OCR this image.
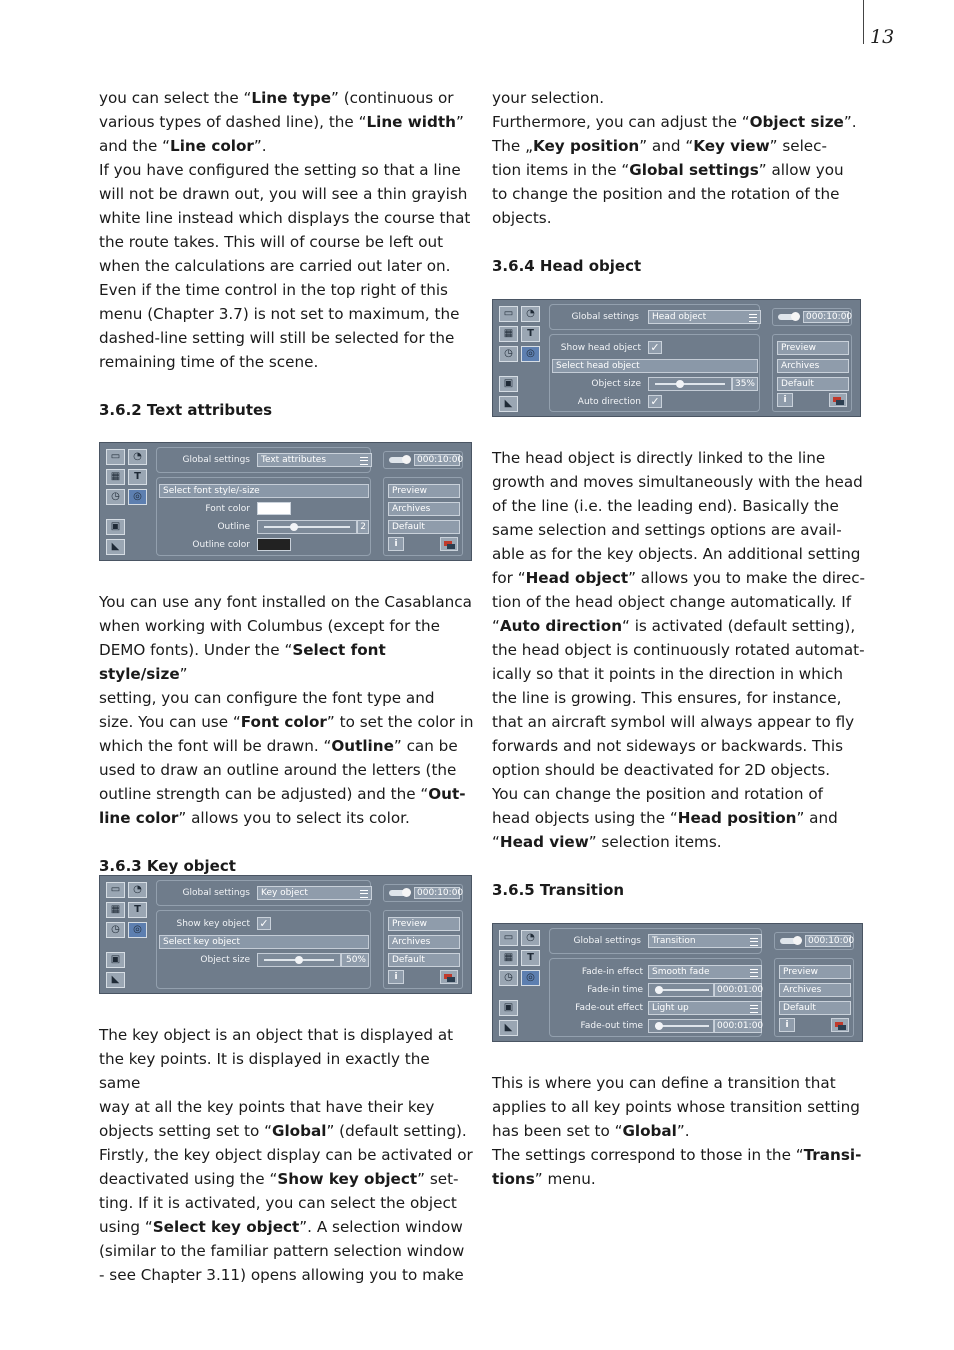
13

you can select the “Line type” (continuous or
various types of dashed line), the “Line width”
and the “Line color”.
If you have configured the setting so that a line
will not be drawn out, you will see a thin grayish
white line instead which displays the course that
the route takes. This will of course be left out
when the calculations are carried out later on.
Even if the time control in the top right of this
menu (Chapter 3.7) is not set to maximum, the
dashed-line setting will still be selected for the
remaining time of the scene.

3.6.2 Text attributes

You can use any font installed on the Casablanca
when working with Columbus (except for the
DEMO fonts). Under the “Select font style/size”
setting, you can configure the font type and
size. You can use “Font color” to set the color in
which the font will be drawn. “Outline” can be
used to draw an outline around the letters (the
outline strength can be adjusted) and the “Out-
line color” allows you to select its color.

3.6.3 Key object

The key object is an object that is displayed at
the key points. It is displayed in exactly the same
way at all the key points that have their key
objects setting set to “Global” (default setting).
Firstly, the key object display can be activated or
deactivated using the “Show key object” set-
ting. If it is activated, you can select the object
using “Select key object”. A selection window
(similar to the familiar pattern selection window
- see Chapter 3.11) opens allowing you to make

your selection.
Furthermore, you can adjust the “Object size”.
The „Key position” and “Key view” selec-
tion items in the “Global settings” allow you
to change the position and the rotation of the
objects.

3.6.4 Head object

The head object is directly linked to the line
growth and moves simultaneously with the head
of the line (i.e. the leading end). Basically the
same selection and settings options are avail-
able as for the key objects. An additional setting
for “Head object” allows you to make the direc-
tion of the head object change automatically. If
“Auto direction“ is activated (default setting),
the head object is continuously rotated automat-
ically so that it points in the direction in which
the line is growing. This ensures, for instance,
that an aircraft symbol will always appear to fly
forwards and not sideways or backwards. This
option should be deactivated for 2D objects.
You can change the position and rotation of
head objects using the “Head position” and
“Head view” selection items.

3.6.5 Transition

This is where you can define a transition that
applies to all key points whose transition setting
has been set to “Global”.
The settings correspond to those in the “Transi-
tions” menu.

▭	◔
▦	T
◷	◎
▣
◣
Global settings	Text attributes	000:10:00
Select font style/-size
Font color
Outline	2
Outline color
Preview
Archives
Default
i
▭	◔
▦	T
◷	◎
▣
◣
Global settings	Key object	000:10:00
Show key object ✓
Select key object
Object size	50%
Preview
Archives
Default
i
▭	◔
▦	T
◷	◎
▣
◣
Global settings	Head object	000:10:00
Show head object ✓
Select head object
Object size	35%
Auto direction ✓
Preview
Archives
Default
i
▭	◔
▦	T
◷	◎
▣
◣
Global settings	Transition	000:10:00
Fade-in effect	Smooth fade
Fade-in time	000:01:00
Fade-out effect	Light up
Fade-out time	000:01:00
Preview
Archives
Default
i
